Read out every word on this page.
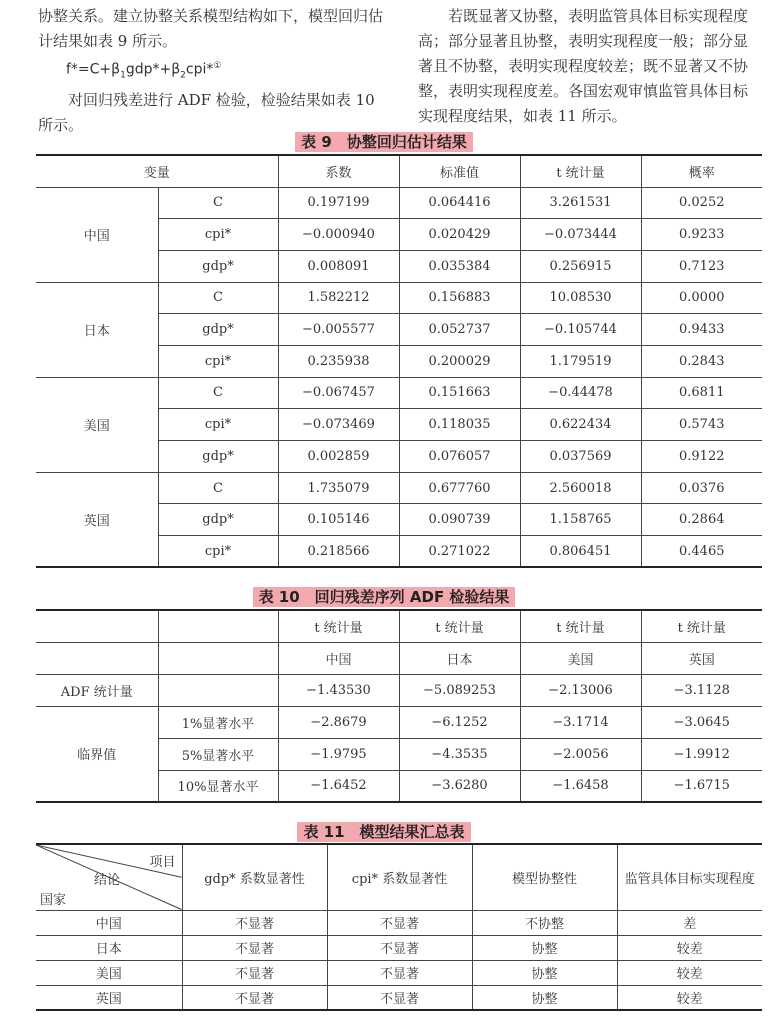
协整关系。建立协整关系模型结构如下，模型回归估计结果如表 9 所示。

$f*=C+\beta_1gdp*+\beta_2cpi*^①$

对回归残差进行 ADF 检验，检验结果如表 10 所示。

若既显著又协整，表明监管具体目标实现程度高；部分显著且协整，表明实现程度一般；部分显著且不协整，表明实现程度较差；既不显著又不协整，表明实现程度差。各国宏观审慎监管具体目标实现程度结果，如表 11 所示。

表 9　协整回归估计结果
变量		系数	标准值	t 统计量	概率
中国	C	0.197199	0.064416	3.261531	0.0252
	cpi*	−0.000940	0.020429	−0.073444	0.9233
	gdp*	0.008091	0.035384	0.256915	0.7123
日本	C	1.582212	0.156883	10.08530	0.0000
	gdp*	−0.005577	0.052737	−0.105744	0.9433
	cpi*	0.235938	0.200029	1.179519	0.2843
美国	C	−0.067457	0.151663	−0.44478	0.6811
	cpi*	−0.073469	0.118035	0.622434	0.5743
	gdp*	0.002859	0.076057	0.037569	0.9122
英国	C	1.735079	0.677760	2.560018	0.0376
	gdp*	0.105146	0.090739	1.158765	0.2864
	cpi*	0.218566	0.271022	0.806451	0.4465
表 10　回归残差序列 ADF 检验结果
		t 统计量	t 统计量	t 统计量	t 统计量
		中国	日本	美国	英国
ADF 统计量		−1.43530	−5.089253	−2.13006	−3.1128
临界值	1%显著水平	−2.8679	−6.1252	−3.1714	−3.0645
	5%显著水平	−1.9795	−4.3535	−2.0056	−1.9912
	10%显著水平	−1.6452	−3.6280	−1.6458	−1.6715
表 11　模型结果汇总表
项目
结论
国家	gdp* 系数显著性	cpi* 系数显著性	模型协整性	监管具体目标实现程度
中国	不显著	不显著	不协整	差
日本	不显著	不显著	协整	较差
美国	不显著	不显著	协整	较差
英国	不显著	不显著	协整	较差
